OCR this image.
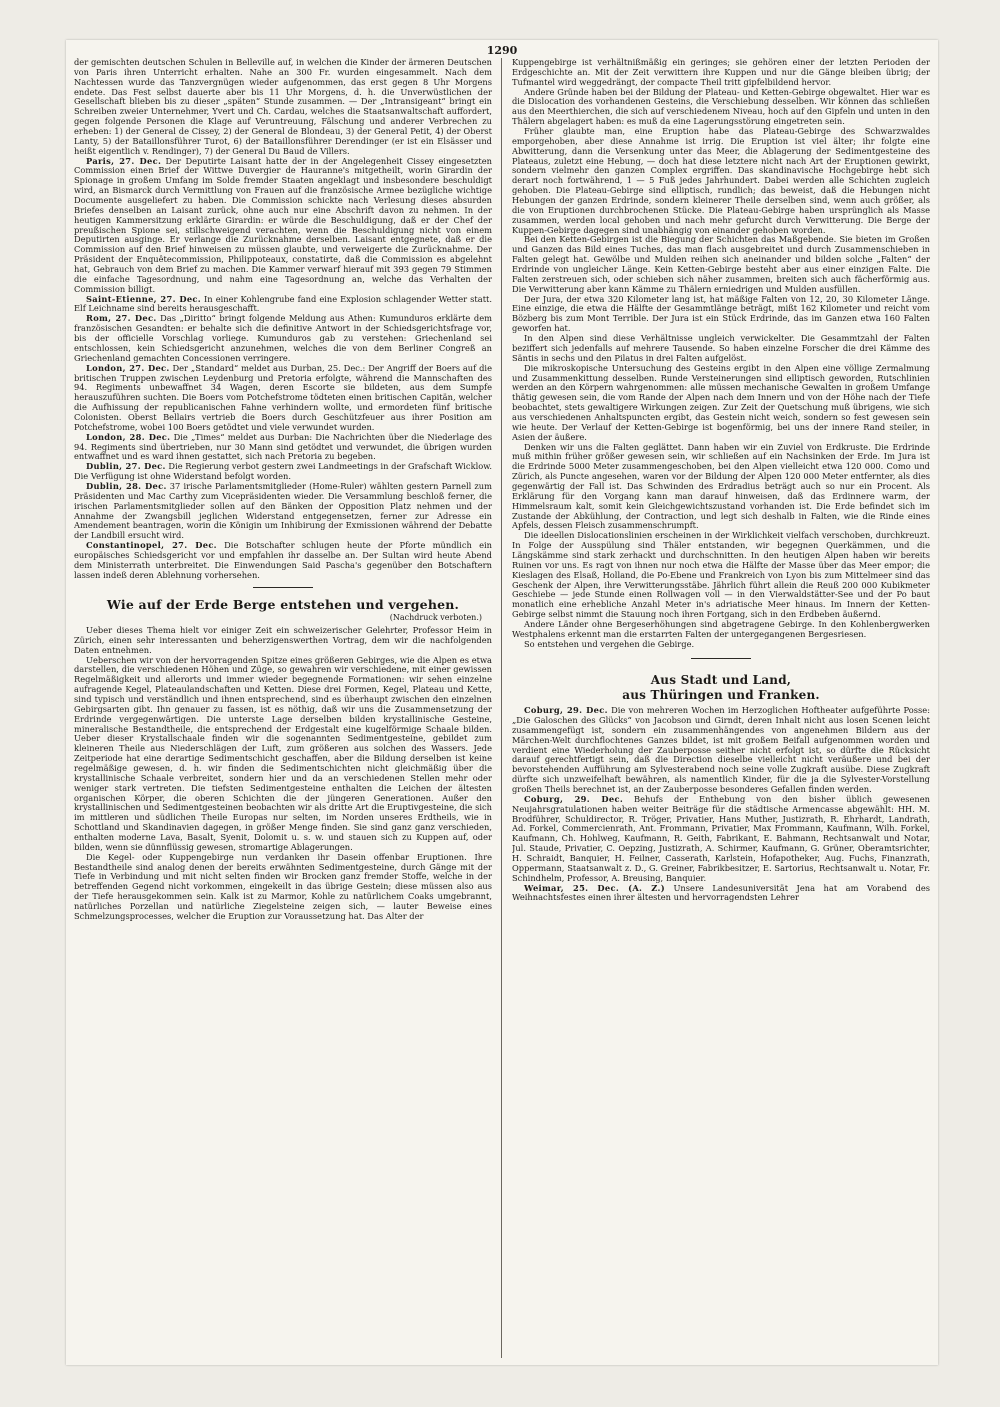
1290

der gemischten deutschen Schulen in Belleville auf, in welchen die Kinder der ärmeren Deutschen von Paris ihren Unterricht erhalten. Nahe an 300 Fr. wurden eingesammelt. Nach dem Nachtessen wurde das Tanzvergnügen wieder aufgenommen, das erst gegen 8 Uhr Morgens endete. Das Fest selbst dauerte aber bis 11 Uhr Morgens, d. h. die Unverwüstlichen der Gesellschaft blieben bis zu dieser „späten“ Stunde zusammen. — Der „Intransigeant“ bringt ein Schreiben zweier Unternehmer, Yvert und Ch. Cardau, welches die Staatsanwaltschaft auffordert, gegen folgende Personen die Klage auf Veruntreuung, Fälschung und anderer Verbrechen zu erheben: 1) der General de Cissey, 2) der General de Blondeau, 3) der General Petit, 4) der Oberst Lanty, 5) der Bataillonsführer Turot, 6) der Bataillonsführer Derendinger (er ist ein Elsässer und heißt eigentlich v. Rendinger), 7) der General Du Baud de Villers.

Paris, 27. Dec. Der Deputirte Laisant hatte der in der Angelegenheit Cissey eingesetzten Commission einen Brief der Wittwe Duvergier de Hauranne's mitgetheilt, worin Girardin der Spionage in großem Umfang im Solde fremder Staaten angeklagt und insbesondere beschuldigt wird, an Bismarck durch Vermittlung von Frauen auf die französische Armee bezügliche wichtige Documente ausgeliefert zu haben. Die Commission schickte nach Verlesung dieses absurden Briefes denselben an Laisant zurück, ohne auch nur eine Abschrift davon zu nehmen. In der heutigen Kammersitzung erklärte Girardin: er würde die Beschuldigung, daß er der Chef der preußischen Spione sei, stillschweigend verachten, wenn die Beschuldigung nicht von einem Deputirten ausginge. Er verlange die Zurücknahme derselben. Laisant entgegnete, daß er die Commission auf den Brief hinweisen zu müssen glaubte, und verweigerte die Zurücknahme. Der Präsident der Enquêtecommission, Philippoteaux, constatirte, daß die Commission es abgelehnt hat, Gebrauch von dem Brief zu machen. Die Kammer verwarf hierauf mit 393 gegen 79 Stimmen die einfache Tagesordnung, und nahm eine Tagesordnung an, welche das Verhalten der Commission billigt.

Saint-Etienne, 27. Dec. In einer Kohlengrube fand eine Explosion schlagender Wetter statt. Elf Leichname sind bereits herausgeschafft.

Rom, 27. Dec. Das „Diritto“ bringt folgende Meldung aus Athen: Kumunduros erklärte dem französischen Gesandten: er behalte sich die definitive Antwort in der Schiedsgerichtsfrage vor, bis der officielle Vorschlag vorliege. Kumunduros gab zu verstehen: Griechenland sei entschlossen, kein Schiedsgericht anzunehmen, welches die von dem Berliner Congreß an Griechenland gemachten Concessionen verringere.

London, 27. Dec. Der „Standard“ meldet aus Durban, 25. Dec.: Der Angriff der Boers auf die britischen Truppen zwischen Leydenburg und Pretoria erfolgte, während die Mannschaften des 94. Regiments unbewaffnet 34 Wagen, deren Escorte sie bildeten, aus dem Sumpfe herauszuführen suchten. Die Boers vom Potchefstrome tödteten einen britischen Capitän, welcher die Aufhissung der republicanischen Fahne verhindern wollte, und ermordeten fünf britische Colonisten. Oberst Bellairs vertrieb die Boers durch Geschützfeuer aus ihrer Position am Potchefstrome, wobei 100 Boers getödtet und viele verwundet wurden.

London, 28. Dec. Die „Times“ meldet aus Durban: Die Nachrichten über die Niederlage des 94. Regiments sind übertrieben, nur 30 Mann sind getödtet und verwundet, die übrigen wurden entwaffnet und es ward ihnen gestattet, sich nach Pretoria zu begeben.

Dublin, 27. Dec. Die Regierung verbot gestern zwei Landmeetings in der Grafschaft Wicklow. Die Verfügung ist ohne Widerstand befolgt worden.

Dublin, 28. Dec. 37 irische Parlamentsmitglieder (Home-Ruler) wählten gestern Parnell zum Präsidenten und Mac Carthy zum Vicepräsidenten wieder. Die Versammlung beschloß ferner, die irischen Parlamentsmitglieder sollen auf den Bänken der Opposition Platz nehmen und der Annahme der Zwangsbill jeglichen Widerstand entgegensetzen, ferner zur Adresse ein Amendement beantragen, worin die Königin um Inhibirung der Exmissionen während der Debatte der Landbill ersucht wird.

Constantinopel, 27. Dec. Die Botschafter schlugen heute der Pforte mündlich ein europäisches Schiedsgericht vor und empfahlen ihr dasselbe an. Der Sultan wird heute Abend dem Ministerrath unterbreitet. Die Einwendungen Said Pascha's gegenüber den Botschaftern lassen indeß deren Ablehnung vorhersehen.

Wie auf der Erde Berge entstehen und vergehen.
(Nachdruck verboten.)

Ueber dieses Thema hielt vor einiger Zeit ein schweizerischer Gelehrter, Professor Heim in Zürich, einen sehr interessanten und beherzigenswerthen Vortrag, dem wir die nachfolgenden Daten entnehmen.

Ueberschen wir von der hervorragenden Spitze eines größeren Gebirges, wie die Alpen es etwa darstellen, die verschiedenen Höhen und Züge, so gewahren wir verschiedene, mit einer gewissen Regelmäßigkeit und allerorts und immer wieder begegnende Formationen: wir sehen einzelne aufragende Kegel, Plateaulandschaften und Ketten. Diese drei Formen, Kegel, Plateau und Kette, sind typisch und verständlich und ihnen entsprechend, sind es überhaupt zwischen den einzelnen Gebirgsarten gibt. Ihn genauer zu fassen, ist es nöthig, daß wir uns die Zusammensetzung der Erdrinde vergegenwärtigen. Die unterste Lage derselben bilden krystallinische Gesteine, mineralische Bestandtheile, die entsprechend der Erdgestalt eine kugelförmige Schaale bilden. Ueber dieser Krystallschaale finden wir die sogenannten Sedimentgesteine, gebildet zum kleineren Theile aus Niederschlägen der Luft, zum größeren aus solchen des Wassers. Jede Zeitperiode hat eine derartige Sedimentschicht geschaffen, aber die Bildung derselben ist keine regelmäßige gewesen, d. h. wir finden die Sedimentschichten nicht gleichmäßig über die krystallinische Schaale verbreitet, sondern hier und da an verschiedenen Stellen mehr oder weniger stark vertreten. Die tiefsten Sedimentgesteine enthalten die Leichen der ältesten organischen Körper, die oberen Schichten die der jüngeren Generationen. Außer den krystallinischen und Sedimentgesteinen beobachten wir als dritte Art die Eruptivgesteine, die sich im mittleren und südlichen Theile Europas nur selten, im Norden unseres Erdtheils, wie in Schottland und Skandinavien dagegen, in größer Menge finden. Sie sind ganz ganz verschieden, enthalten moderne Lava, Basalt, Syenit, Dolomit u. s. w. und stauen sich zu Kuppen auf, oder bilden, wenn sie dünnflüssig gewesen, stromartige Ablagerungen.

Die Kegel- oder Kuppengebirge nun verdanken ihr Dasein offenbar Eruptionen. Ihre Bestandtheile sind analog denen der bereits erwähnten Sedimentgesteine, durch Gänge mit der Tiefe in Verbindung und mit nicht selten finden wir Brocken ganz fremder Stoffe, welche in der betreffenden Gegend nicht vorkommen, eingekeilt in das übrige Gestein; diese müssen also aus der Tiefe herausgekommen sein. Kalk ist zu Marmor, Kohle zu natürlichem Coaks umgebrannt, natürliches Porzellan und natürliche Ziegelsteine zeigen sich, — lauter Beweise eines Schmelzungsprocesses, welcher die Eruption zur Voraussetzung hat. Das Alter der

Kuppengebirge ist verhältnißmäßig ein geringes; sie gehören einer der letzten Perioden der Erdgeschichte an. Mit der Zeit verwittern ihre Kuppen und nur die Gänge bleiben übrig; der Tufmantel wird weggedrängt, der compacte Theil tritt gipfelbildend hervor.

Andere Gründe haben bei der Bildung der Plateau- und Ketten-Gebirge obgewaltet. Hier war es die Dislocation des vorhandenen Gesteins, die Verschiebung desselben. Wir können das schließen aus den Meerthierchen, die sich auf verschiedenem Niveau, hoch auf den Gipfeln und unten in den Thälern abgelagert haben: es muß da eine Lagerungsstörung eingetreten sein.

Früher glaubte man, eine Eruption habe das Plateau-Gebirge des Schwarzwaldes emporgehoben, aber diese Annahme ist irrig. Die Eruption ist viel älter; ihr folgte eine Abwitterung, dann die Versenkung unter das Meer, die Ablagerung der Sedimentgesteine des Plateaus, zuletzt eine Hebung, — doch hat diese letztere nicht nach Art der Eruptionen gewirkt, sondern vielmehr den ganzen Complex ergriffen. Das skandinavische Hochgebirge hebt sich derart noch fortwährend, 1 — 5 Fuß jedes Jahrhundert. Dabei werden alle Schichten zugleich gehoben. Die Plateau-Gebirge sind elliptisch, rundlich; das beweist, daß die Hebungen nicht Hebungen der ganzen Erdrinde, sondern kleinerer Theile derselben sind, wenn auch größer, als die von Eruptionen durchbrochenen Stücke. Die Plateau-Gebirge haben ursprünglich als Masse zusammen, werden local gehoben und nach mehr gefurcht durch Verwitterung. Die Berge der Kuppen-Gebirge dagegen sind unabhängig von einander gehoben worden.

Bei den Ketten-Gebirgen ist die Biegung der Schichten das Maßgebende. Sie bieten im Großen und Ganzen das Bild eines Tuches, das man flach ausgebreitet und durch Zusammenschieben in Falten gelegt hat. Gewölbe und Mulden reihen sich aneinander und bilden solche „Falten“ der Erdrinde von ungleicher Länge. Kein Ketten-Gebirge besteht aber aus einer einzigen Falte. Die Falten zerstreuen sich, oder schieben sich näher zusammen, breiten sich auch fächerförmig aus. Die Verwitterung aber kann Kämme zu Thälern erniedrigen und Mulden ausfüllen.

Der Jura, der etwa 320 Kilometer lang ist, hat mäßige Falten von 12, 20, 30 Kilometer Länge. Eine einzige, die etwa die Hälfte der Gesammtlänge beträgt, mißt 162 Kilometer und reicht vom Bözberg bis zum Mont Terrible. Der Jura ist ein Stück Erdrinde, das im Ganzen etwa 160 Falten geworfen hat.

In den Alpen sind diese Verhältnisse ungleich verwickelter. Die Gesammtzahl der Falten beziffert sich jedenfalls auf mehrere Tausende. So haben einzelne Forscher die drei Kämme des Säntis in sechs und den Pilatus in drei Falten aufgelöst.

Die mikroskopische Untersuchung des Gesteins ergibt in den Alpen eine völlige Zermalmung und Zusammenkittung desselben. Runde Versteinerungen sind elliptisch geworden, Rutschlinien werden an den Körpern wahrgenommen: alle müssen mechanische Gewalten in großem Umfange thätig gewesen sein, die vom Rande der Alpen nach dem Innern und von der Höhe nach der Tiefe beobachtet, stets gewaltigere Wirkungen zeigen. Zur Zeit der Quetschung muß übrigens, wie sich aus verschiedenen Anhaltspuncten ergibt, das Gestein nicht weich, sondern so fest gewesen sein wie heute. Der Verlauf der Ketten-Gebirge ist bogenförmig, bei uns der innere Rand steiler, in Asien der äußere.

Denken wir uns die Falten geglättet. Dann haben wir ein Zuviel von Erdkruste. Die Erdrinde muß mithin früher größer gewesen sein, wir schließen auf ein Nachsinken der Erde. Im Jura ist die Erdrinde 5000 Meter zusammengeschoben, bei den Alpen vielleicht etwa 120 000. Como und Zürich, als Puncte angesehen, waren vor der Bildung der Alpen 120 000 Meter entfernter, als dies gegenwärtig der Fall ist. Das Schwinden des Erdradius beträgt auch so nur ein Procent. Als Erklärung für den Vorgang kann man darauf hinweisen, daß das Erdinnere warm, der Himmelsraum kalt, somit kein Gleichgewichtszustand vorhanden ist. Die Erde befindet sich im Zustande der Abkühlung, der Contraction, und legt sich deshalb in Falten, wie die Rinde eines Apfels, dessen Fleisch zusammenschrumpft.

Die ideellen Dislocationslinien erscheinen in der Wirklichkeit vielfach verschoben, durchkreuzt. In Folge der Ausspülung sind Thäler entstanden, wir begegnen Querkämmen, und die Längskämme sind stark zerhackt und durchschnitten. In den heutigen Alpen haben wir bereits Ruinen vor uns. Es ragt von ihnen nur noch etwa die Hälfte der Masse über das Meer empor; die Kieslagen des Elsaß, Holland, die Po-Ebene und Frankreich von Lyon bis zum Mittelmeer sind das Geschenk der Alpen, ihre Verwitterungsstäbe. Jährlich führt allein die Reuß 200 000 Kubikmeter Geschiebe — jede Stunde einen Rollwagen voll — in den Vierwaldstätter-See und der Po baut monatlich eine erhebliche Anzahl Meter in's adriatische Meer hinaus. Im Innern der Ketten-Gebirge selbst nimmt die Stauung noch ihren Fortgang, sich in den Erdbeben äußernd.

Andere Länder ohne Bergeserhöhungen sind abgetragene Gebirge. In den Kohlenbergwerken Westphalens erkennt man die erstarrten Falten der untergegangenen Bergesriesen.

So entstehen und vergehen die Gebirge.

Aus Stadt und Land,
aus Thüringen und Franken.

Coburg, 29. Dec. Die von mehreren Wochen im Herzoglichen Hoftheater aufgeführte Posse: „Die Galoschen des Glücks“ von Jacobson und Girndt, deren Inhalt nicht aus losen Scenen leicht zusammengefügt ist, sondern ein zusammenhängendes von angenehmen Bildern aus der Märchen-Welt durchflochtenes Ganzes bildet, ist mit großem Beifall aufgenommen worden und verdient eine Wiederholung der Zauberposse seither nicht erfolgt ist, so dürfte die Rücksicht darauf gerechtfertigt sein, daß die Direction dieselbe vielleicht nicht veräußere und bei der bevorstehenden Aufführung am Sylvesterabend noch seine volle Zugkraft ausübe. Diese Zugkraft dürfte sich unzweifelhaft bewähren, als namentlich Kinder, für die ja die Sylvester-Vorstellung großen Theils berechnet ist, an der Zauberposse besonderes Gefallen finden werden.

Coburg, 29. Dec. Behufs der Enthebung von den bisher üblich gewesenen Neujahrsgratulationen haben weiter Beiträge für die städtische Armencasse abgewählt: HH. M. Brodführer, Schuldirector, R. Tröger, Privatier, Hans Muther, Justizrath, R. Ehrhardt, Landrath, Ad. Forkel, Commercienrath, Ant. Frommann, Privatier, Max Frommann, Kaufmann, Wilh. Forkel, Kaufmann, Ch. Hohlweg, Kaufmann, R. Geith, Fabrikant, E. Bahmann, Rechtsanwalt und Notar, Jul. Staude, Privatier, C. Oepzing, Justizrath, A. Schirmer, Kaufmann, G. Grüner, Oberamtsrichter, H. Schraidt, Banquier, H. Feilner, Casserath, Karlstein, Hofapotheker, Aug. Fuchs, Finanzrath, Oppermann, Staatsanwalt z. D., G. Greiner, Fabrikbesitzer, E. Sartorius, Rechtsanwalt u. Notar, Fr. Schindhelm, Professor, A. Breusing, Banquier.

Weimar, 25. Dec. (A. Z.) Unsere Landesuniversität Jena hat am Vorabend des Weihnachtsfestes einen ihrer ältesten und hervorragendsten Lehrer
